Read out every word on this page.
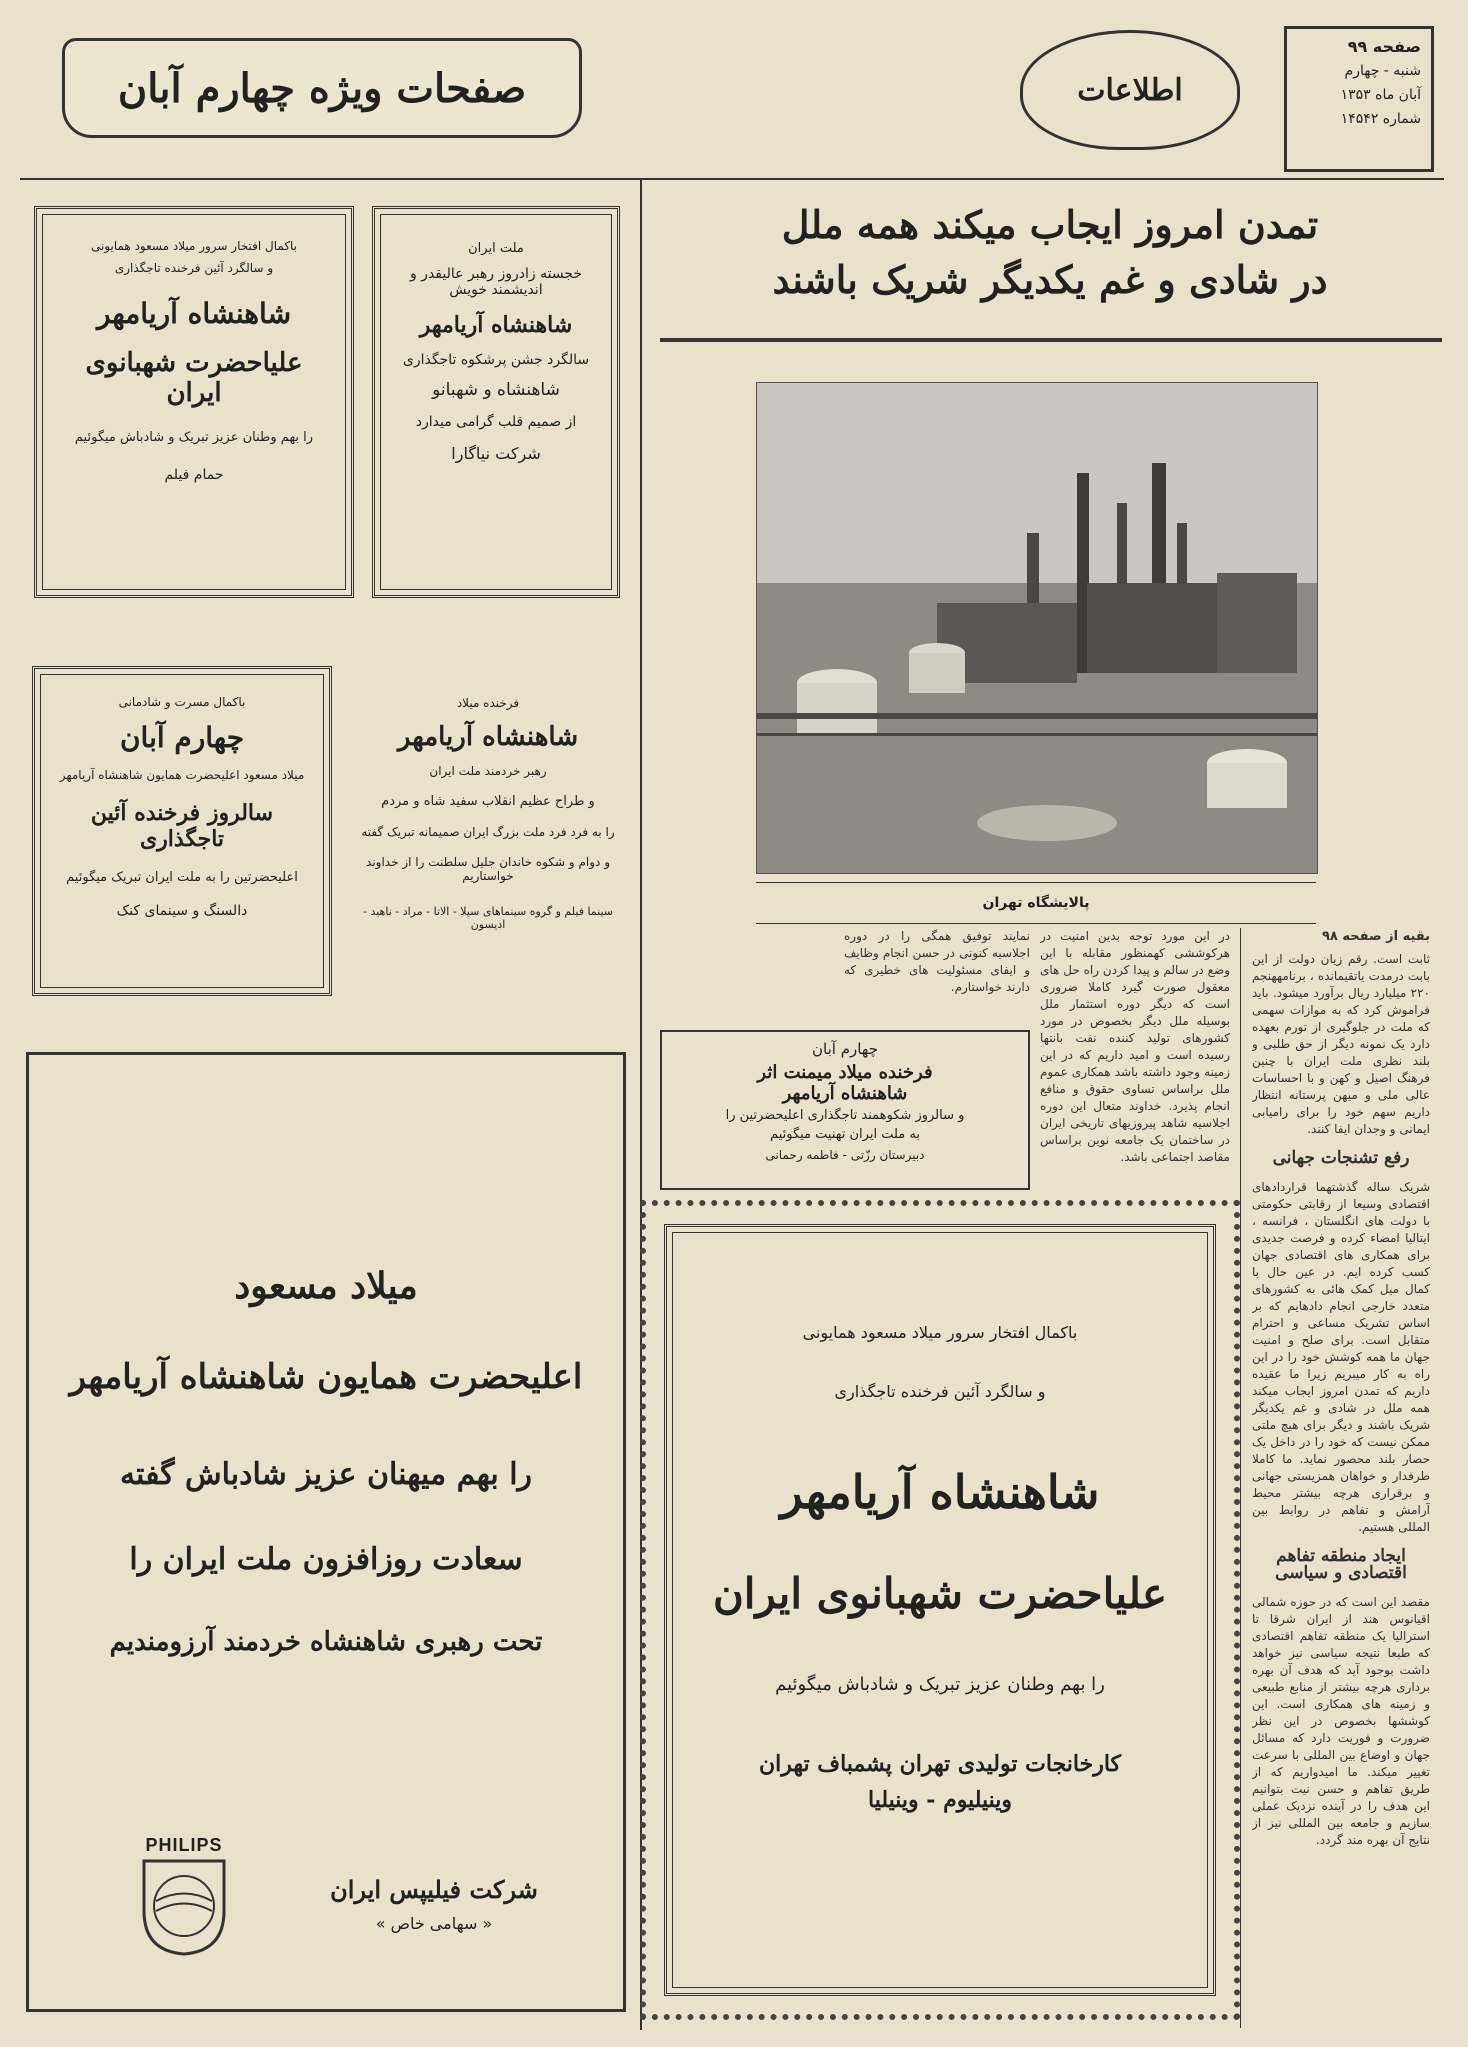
صفحات ویژه چهارم آبان	اطلاعات
صفحه ۹۹
شنبه - چهارم
آبان ماه ۱۳۵۳
شماره ۱۴۵۴۲
تمدن امروز ایجاب میکند همه ملل
در شادی و غم یکدیگر شریک باشند
پالایشگاه تهران

بقیه از صفحه ۹۸

ثابت است. رقم زیان دولت از این بابت درمدت یاتقیمانده ، برنامههنجم ۲۲۰ میلیارد ریال برآورد میشود. باید فراموش کرد که به موازات سهمی که ملت در جلوگیری از تورم بعهده دارد یک نمونه دیگر از حق طلبی و بلند نظری ملت ایران با چنین فرهنگ اصیل و کهن و با احساسات عالی ملی و میهن پرستانه انتظار داریم سهم خود را برای رامیابی ایمانی و وجدان ایفا کنند.

رفع تشنجات جهانی

شریک ساله گذشتهما قراردادهای اقتصادی وسیعا از رقابتی حکومتی با دولت های انگلستان ، فرانسه ، ایتالیا امضاء کرده و فرصت جدیدی برای همکاری های اقتصادی جهان کسب کرده ایم. در عین حال با کمال میل کمک هائی به کشورهای متعدد خارجی انجام دادهایم که بر اساس تشریک مساعی و احترام متقابل است. برای صلح و امنیت جهان ما همه کوشش خود را در این راه به کار میبریم زیرا ما عقیده داریم که تمدن امروز ایجاب میکند همه ملل در شادی و غم یکدیگر شریک باشند و دیگر برای هیچ ملتی ممکن نیست که خود را در داخل یک حصار بلند محصور نماید. ما کاملا طرفدار و خواهان همزیستی جهانی و برقراری هرچه بیشتر محیط آرامش و تفاهم در روابط بین المللی هستیم.

ایجاد منطقه تفاهم اقتصادی و سیاسی

مقصد این است که در حوزه شمالی اقیانوس هند از ایران شرقا تا استرالیا یک منطقه تفاهم اقتصادی که طبعا نتیجه سیاسی نیز خواهد داشت بوجود آید که هدف آن بهره برداری هرچه بیشتر از منابع طبیعی و زمینه های همکاری است. این کوششها بخصوص در این نظر ضرورت و فوریت دارد که مسائل جهان و اوضاع بین المللی با سرعت تغییر میکند. ما امیدواریم که از طریق تفاهم و حسن نیت بتوانیم این هدف را در آینده نزدیک عملی سازیم و جامعه بین المللی نیز از نتایج آن بهره مند گردد.

در این مورد توجه بدین امنیت در هرکوششی کهمنظور مقابله با این وضع در سالم و پیدا کردن راه حل های معقول صورت گیرد کاملا ضروری است که دیگر دوره استثمار ملل بوسیله ملل دیگر بخصوص در مورد کشورهای تولید کننده نفت بانتها رسیده است و امید داریم که در این زمینه وجود داشته باشد همکاری عموم ملل براساس تساوی حقوق و منافع انجام پذیرد. خداوند متعال این دوره اجلاسیه شاهد پیروزیهای تاریخی ایران در ساختمان یک جامعه نوین براساس مقاصد اجتماعی باشد.

نمایند توفیق همگی را در دوره اجلاسیه کنونی در حسن انجام وظایف و ایفای مسئولیت های خطیری که دارند خواستارم.

چهارم آبان
فرخنده میلاد میمنت اثر
شاهنشاه آریامهر
و سالروز شکوهمند تاجگذاری اعلیحضرتین را
به ملت ایران تهنیت میگوئیم
دبیرستان رزّتی - فاطمه رحمانی
ملت ایران
خجسته زادروز رهبر عالیقدر و اندیشمند خویش
شاهنشاه آریامهر
سالگرد جشن پرشکوه تاجگذاری
شاهنشاه و شهبانو
از صمیم قلب گرامی میدارد
شرکت نیاگارا
باکمال افتخار سرور میلاد مسعود همایونی
و سالگرد آئین فرخنده تاجگذاری
شاهنشاه آریامهر
علیاحضرت شهبانوی ایران
را بهم وطنان عزیز تبریک و شادباش میگوئیم
حمام فیلم
فرخنده میلاد
شاهنشاه آریامهر
رهبر خردمند ملت ایران
و طراح عظیم انقلاب سفید شاه و مردم
را به فرد فرد ملت بزرگ ایران صمیمانه تبریک گفته
و دوام و شکوه خاندان جلیل سلطنت را از خداوند خواستاریم
سینما فیلم و گروه سینماهای سیلا - الاتا - مراد - ناهید - ادیسون
باکمال مسرت و شادمانی
چهارم آبان
میلاد مسعود اعلیحضرت همایون شاهنشاه آریامهر
سالروز فرخنده آئین تاجگذاری
اعلیحضرتین را به ملت ایران تبریک میگوئیم
دالسنگ و سینمای کنک
میلاد مسعود
اعلیحضرت همایون شاهنشاه آریامهر
را بهم میهنان عزیز شادباش گفته
سعادت روزافزون ملت ایران را
تحت رهبری شاهنشاه خردمند آرزومندیم
PHILIPS
شرکت فیلیپس ایران
« سهامی خاص »
باکمال افتخار سرور میلاد مسعود همایونی
و سالگرد آئین فرخنده تاجگذاری
شاهنشاه آریامهر
علیاحضرت شهبانوی ایران
را بهم وطنان عزیز تبریک و شادباش میگوئیم
کارخانجات تولیدی تهران پشمباف تهران
وینیلیوم - وینیلیا
